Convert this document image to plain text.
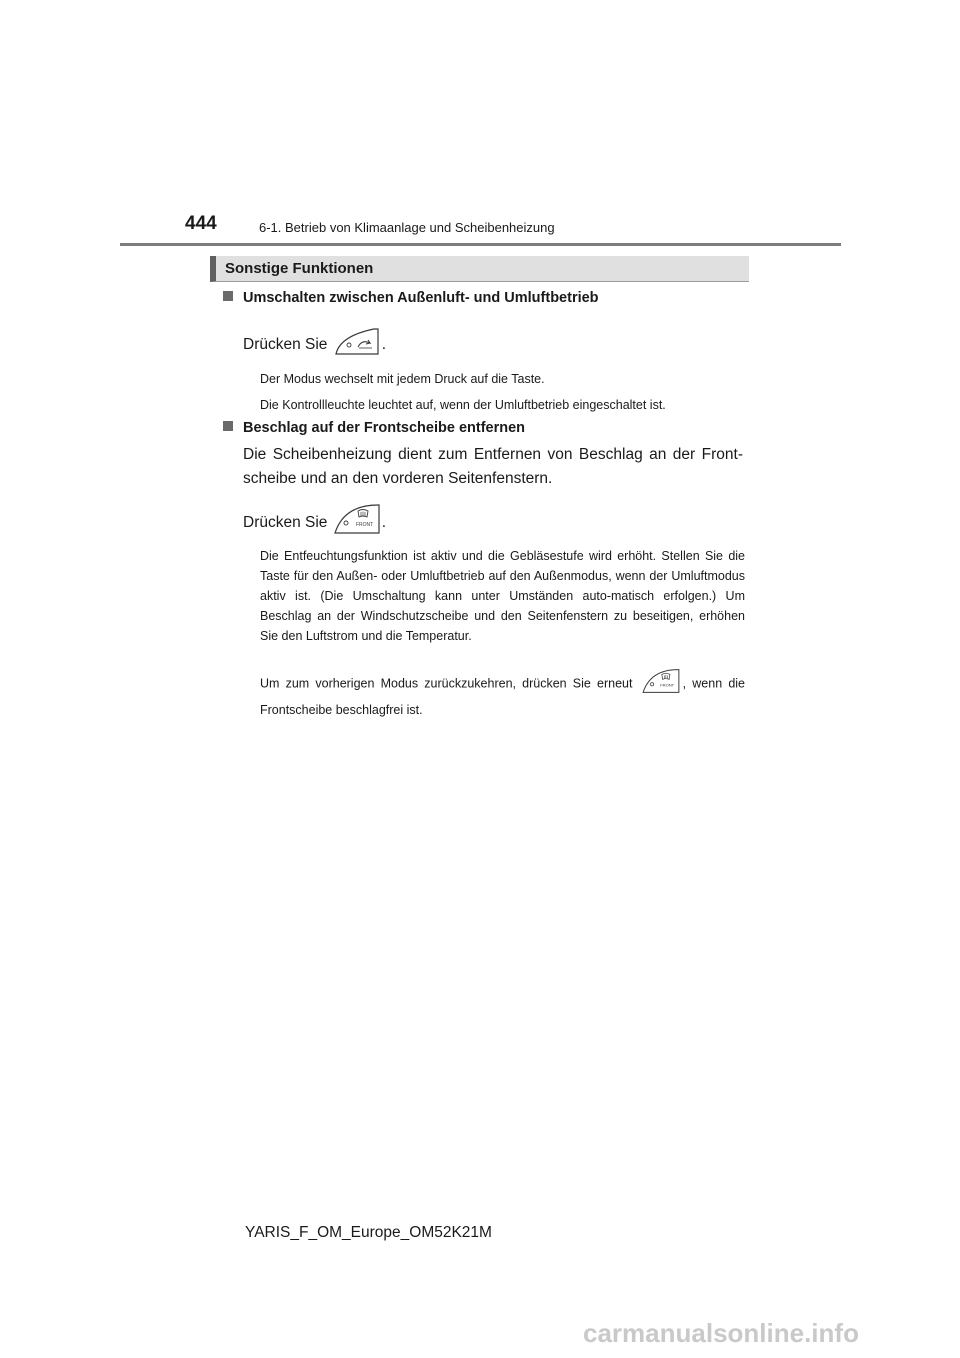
444	6-1. Betrieb von Klimaanlage und Scheibenheizung
Sonstige Funktionen
Umschalten zwischen Außenluft- und Umluftbetrieb
Drücken Sie	.
Der Modus wechselt mit jedem Druck auf die Taste.
Die Kontrollleuchte leuchtet auf, wenn der Umluftbetrieb eingeschaltet ist.
Beschlag auf der Frontscheibe entfernen
Die Scheibenheizung dient zum Entfernen von Beschlag an der Front-scheibe und an den vorderen Seitenfenstern.
Drücken Sie	FRONT .
Die Entfeuchtungsfunktion ist aktiv und die Gebläsestufe wird erhöht. Stellen Sie die Taste für den Außen- oder Umluftbetrieb auf den Außenmodus, wenn der Umluftmodus aktiv ist. (Die Umschaltung kann unter Umständen auto-matisch erfolgen.) Um Beschlag an der Windschutzscheibe und den Seitenfenstern zu beseitigen, erhöhen Sie den Luftstrom und die Temperatur.
Um zum vorherigen Modus zurückzukehren, drücken Sie erneut	FRONT , wenn die Frontscheibe beschlagfrei ist.
YARIS_F_OM_Europe_OM52K21M
carmanualsonline.info
